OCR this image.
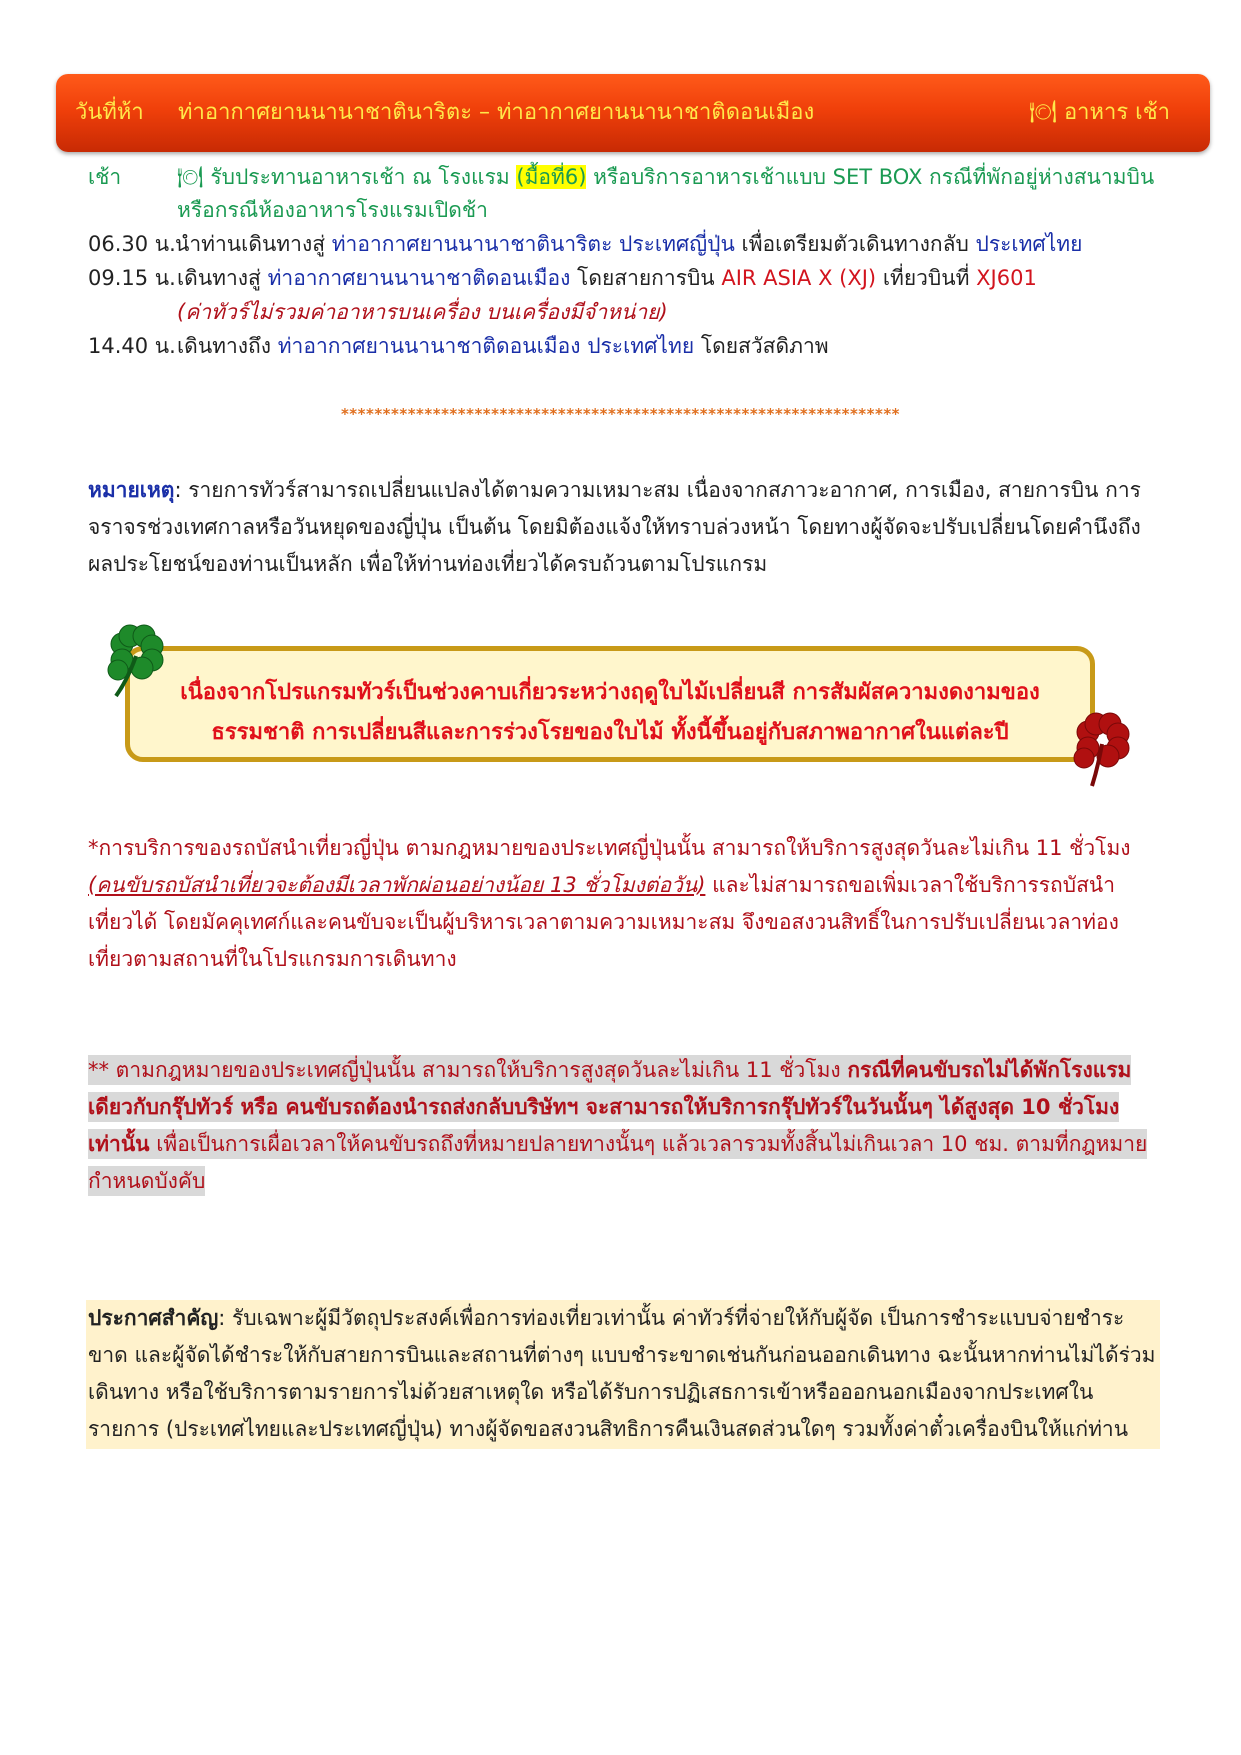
วันที่ห้า ท่าอากาศยานนานาชาตินาริตะ – ท่าอากาศยานนานาชาติดอนเมือง	🍽 อาหาร เช้า
เช้า	🍽 รับประทานอาหารเช้า ณ โรงแรม (มื้อที่6) หรือบริการอาหารเช้าแบบ SET BOX กรณีที่พักอยู่ห่างสนามบิน
หรือกรณีห้องอาหารโรงแรมเปิดช้า
06.30 น. นำท่านเดินทางสู่ ท่าอากาศยานนานาชาตินาริตะ ประเทศญี่ปุ่น เพื่อเตรียมตัวเดินทางกลับ ประเทศไทย
09.15 น. เดินทางสู่ ท่าอากาศยานนานาชาติดอนเมือง โดยสายการบิน AIR ASIA X (XJ) เที่ยวบินที่ XJ601
(ค่าทัวร์ไม่รวมค่าอาหารบนเครื่อง บนเครื่องมีจำหน่าย)
14.40 น. เดินทางถึง ท่าอากาศยานนานาชาติดอนเมือง ประเทศไทย โดยสวัสดิภาพ
*******************************************************************

หมายเหตุ: รายการทัวร์สามารถเปลี่ยนแปลงได้ตามความเหมาะสม เนื่องจากสภาวะอากาศ, การเมือง, สายการบิน การจราจรช่วงเทศกาลหรือวันหยุดของญี่ปุ่น เป็นต้น โดยมิต้องแจ้งให้ทราบล่วงหน้า โดยทางผู้จัดจะปรับเปลี่ยนโดยคำนึงถึงผลประโยชน์ของท่านเป็นหลัก เพื่อให้ท่านท่องเที่ยวได้ครบถ้วนตามโปรแกรม

เนื่องจากโปรแกรมทัวร์เป็นช่วงคาบเกี่ยวระหว่างฤดูใบไม้เปลี่ยนสี การสัมผัสความงดงามของ
ธรรมชาติ การเปลี่ยนสีและการร่วงโรยของใบไม้ ทั้งนี้ขึ้นอยู่กับสภาพอากาศในแต่ละปี

*การบริการของรถบัสนำเที่ยวญี่ปุ่น ตามกฎหมายของประเทศญี่ปุ่นนั้น สามารถให้บริการสูงสุดวันละไม่เกิน 11 ชั่วโมง (คนขับรถบัสนำเที่ยวจะต้องมีเวลาพักผ่อนอย่างน้อย 13 ชั่วโมงต่อวัน) และไม่สามารถขอเพิ่มเวลาใช้บริการรถบัสนำเที่ยวได้ โดยมัคคุเทศก์และคนขับจะเป็นผู้บริหารเวลาตามความเหมาะสม จึงขอสงวนสิทธิ์ในการปรับเปลี่ยนเวลาท่องเที่ยวตามสถานที่ในโปรแกรมการเดินทาง

** ตามกฎหมายของประเทศญี่ปุ่นนั้น สามารถให้บริการสูงสุดวันละไม่เกิน 11 ชั่วโมง กรณีที่คนขับรถไม่ได้พักโรงแรมเดียวกับกรุ๊ปทัวร์ หรือ คนขับรถต้องนำรถส่งกลับบริษัทฯ จะสามารถให้บริการกรุ๊ปทัวร์ในวันนั้นๆ ได้สูงสุด 10 ชั่วโมง เท่านั้น เพื่อเป็นการเผื่อเวลาให้คนขับรถถึงที่หมายปลายทางนั้นๆ แล้วเวลารวมทั้งสิ้นไม่เกินเวลา 10 ชม. ตามที่กฎหมายกำหนดบังคับ
ประกาศสำคัญ: รับเฉพาะผู้มีวัตถุประสงค์เพื่อการท่องเที่ยวเท่านั้น ค่าทัวร์ที่จ่ายให้กับผู้จัด เป็นการชำระแบบจ่ายชำระขาด และผู้จัดได้ชำระให้กับสายการบินและสถานที่ต่างๆ แบบชำระขาดเช่นกันก่อนออกเดินทาง ฉะนั้นหากท่านไม่ได้ร่วมเดินทาง หรือใช้บริการตามรายการไม่ด้วยสาเหตุใด หรือได้รับการปฏิเสธการเข้าหรือออกนอกเมืองจากประเทศในรายการ (ประเทศไทยและประเทศญี่ปุ่น) ทางผู้จัดขอสงวนสิทธิการคืนเงินสดส่วนใดๆ รวมทั้งค่าตั๋วเครื่องบินให้แก่ท่าน
